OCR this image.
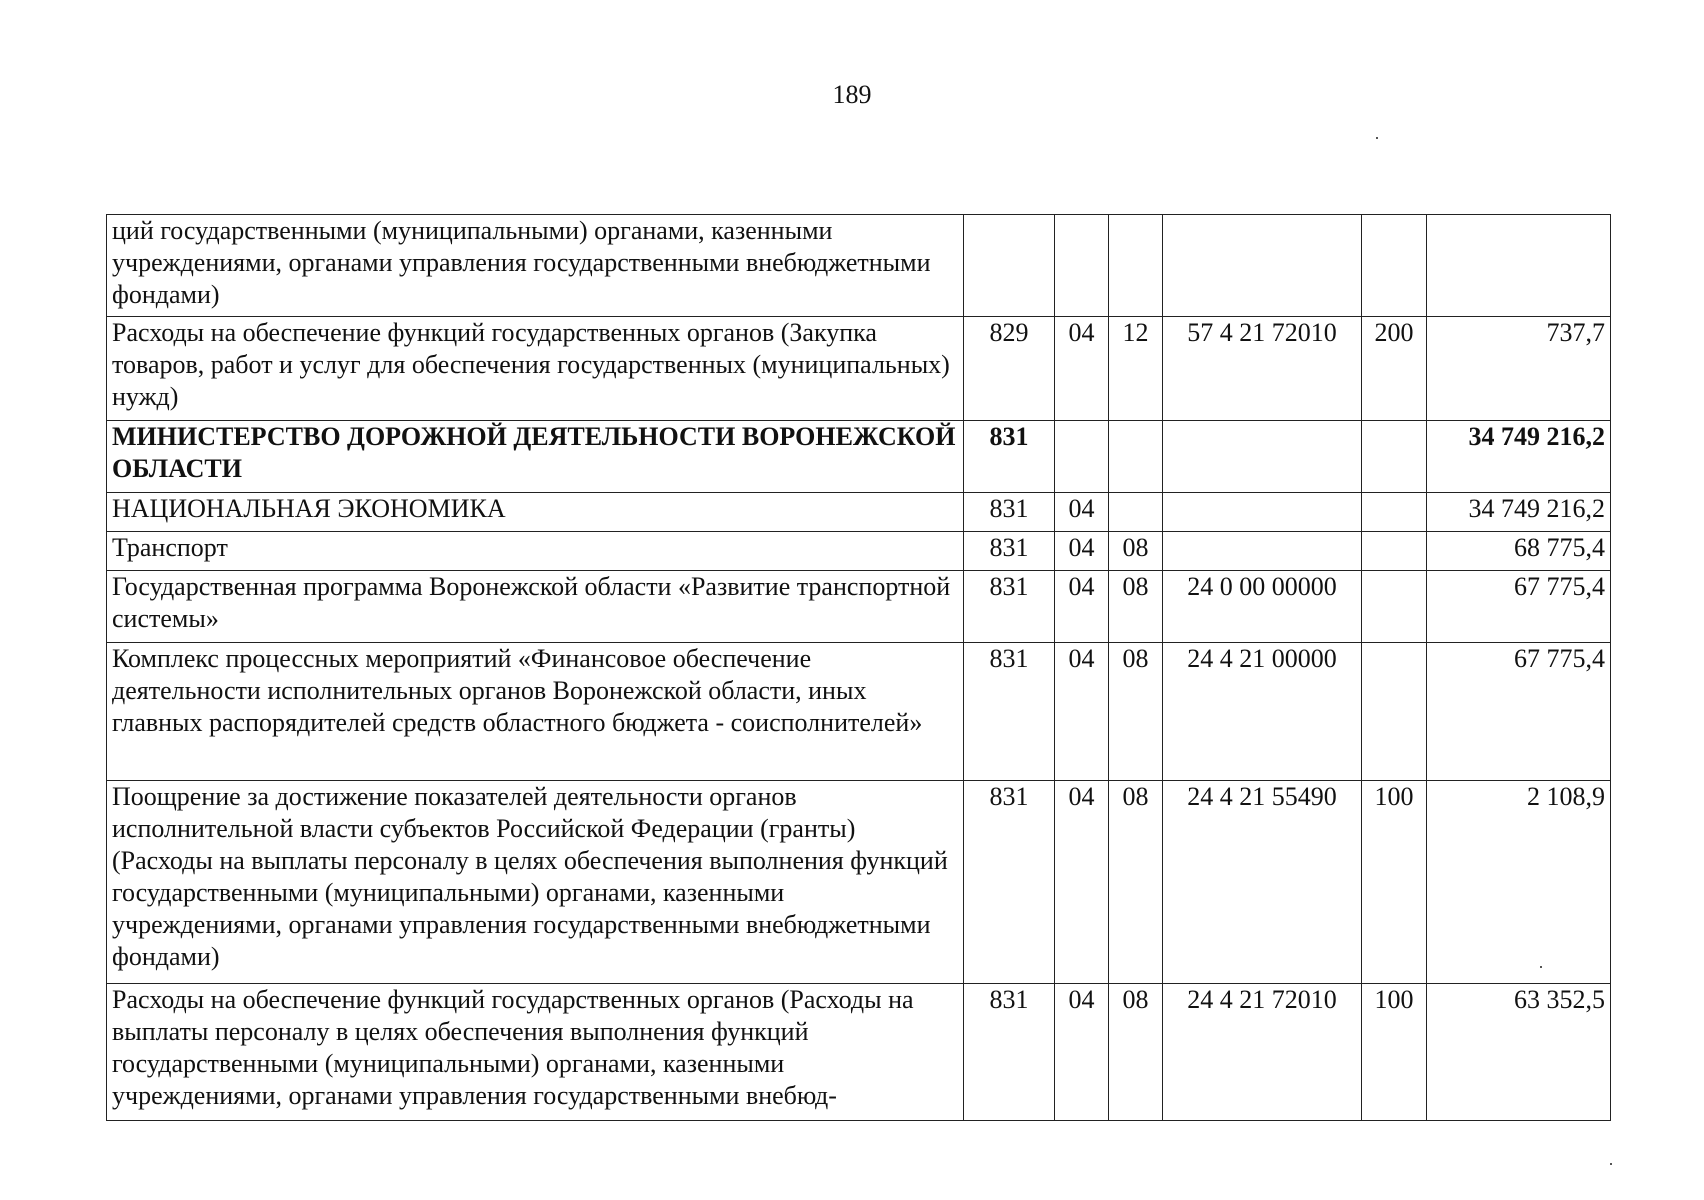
189
ций государственными (муниципальными) органами, казенными учреждениями, органами управления государственными внебюджетными фондами)						
Расходы на обеспечение функций государственных органов (Закупка товаров, работ и услуг для обеспечения государственных (муниципальных) нужд)	829	04	12	57 4 21 72010	200	737,7
МИНИСТЕРСТВО ДОРОЖНОЙ ДЕЯТЕЛЬНОСТИ ВОРОНЕЖСКОЙ ОБЛАСТИ	831					34 749 216,2
НАЦИОНАЛЬНАЯ ЭКОНОМИКА	831	04				34 749 216,2
Транспорт	831	04	08			68 775,4
Государственная программа Воронежской области «Развитие транспортной системы»	831	04	08	24 0 00 00000		67 775,4
Комплекс процессных мероприятий «Финансовое обеспечение деятельности исполнительных органов Воронежской области, иных главных распорядителей средств областного бюджета - соисполнителей»	831	04	08	24 4 21 00000		67 775,4
Поощрение за достижение показателей деятельности органов исполнительной власти субъектов Российской Федерации (гранты) (Расходы на выплаты персоналу в целях обеспечения выполнения функций государственными (муниципальными) органами, казенными учреждениями, органами управления государственными внебюджетными фондами)	831	04	08	24 4 21 55490	100	2 108,9
Расходы на обеспечение функций государственных органов (Расходы на выплаты персоналу в целях обеспечения выполнения функций государственными (муниципальными) органами, казенными учреждениями, органами управления государственными внебюд-	831	04	08	24 4 21 72010	100	63 352,5
